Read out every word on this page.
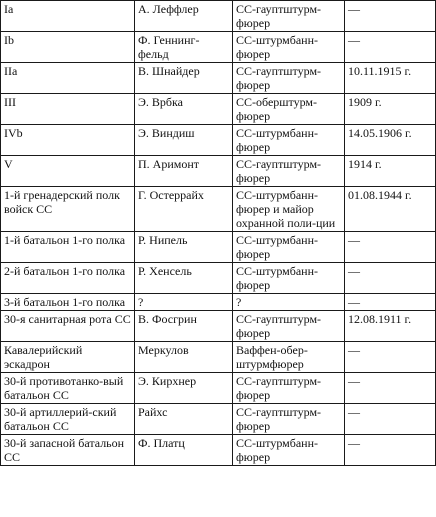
Ia	А. Леффлер	СС-гауптштурм-фюрер	—
Ib	Ф. Геннинг-фельд	СС-штурмбанн-фюрер	—
IIa	В. Шнайдер	СС-гауптштурм-фюрер	10.11.1915 г.
III	Э. Врбка	СС-оберштурм-фюрер	1909 г.
IVb	Э. Виндиш	СС-штурмбанн-фюрер	14.05.1906 г.
V	П. Аримонт	СС-гауптштурм-фюрер	1914 г.
1-й гренадерский полк войск СС	Г. Остеррайх	СС-штурмбанн-фюрер и майор охранной поли-ции	01.08.1944 г.
1-й батальон 1-го полка	Р. Нипель	СС-штурмбанн-фюрер	—
2-й батальон 1-го полка	Р. Хенсель	СС-штурмбанн-фюрер	—
3-й батальон 1-го полка	?	?	—
30-я санитарная рота СС	В. Фосгрин	СС-гауптштурм-фюрер	12.08.1911 г.
Кавалерийский эскадрон	Меркулов	Ваффен-обер-штурмфюрер	—
30-й противотанко-вый батальон СС	Э. Кирхнер	СС-гауптштурм-фюрер	—
30-й артиллерий-ский батальон СС	Райхс	СС-гауптштурм-фюрер	—
30-й запасной батальон СС	Ф. Платц	СС-штурмбанн-фюрер	—
